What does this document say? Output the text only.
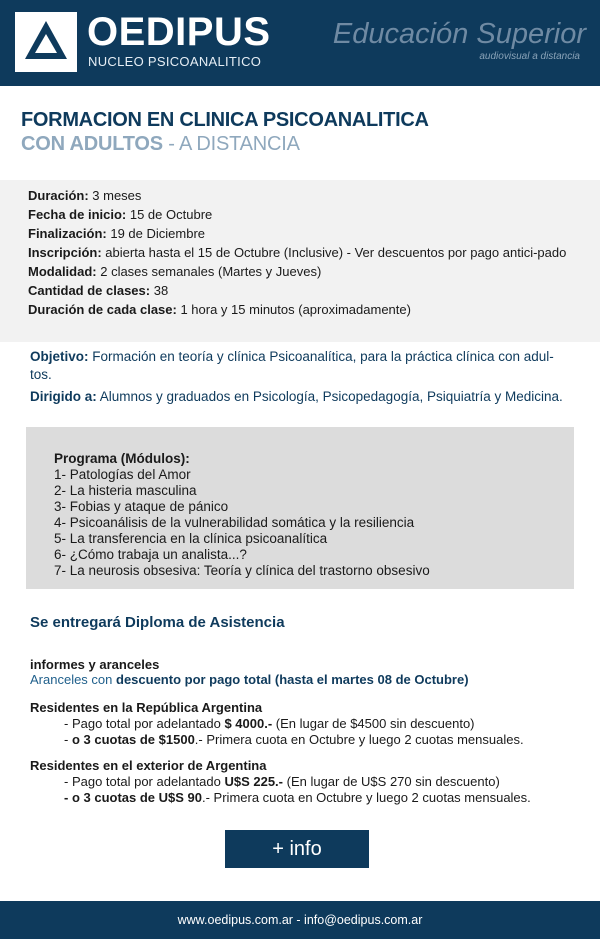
OEDIPUS
NUCLEO PSICOANALITICO
Educación Superior
audiovisual a distancia
FORMACION EN CLINICA PSICOANALITICA
CON ADULTOS - A DISTANCIA
Duración: 3 meses
Fecha de inicio: 15 de Octubre
Finalización: 19 de Diciembre
Inscripción: abierta hasta el 15 de Octubre (Inclusive) - Ver descuentos por pago antici-pado
Modalidad: 2 clases semanales (Martes y Jueves)
Cantidad de clases: 38
Duración de cada clase: 1 hora y 15 minutos (aproximadamente)
Objetivo: Formación en teoría y clínica Psicoanalítica, para la práctica clínica con adul-tos.
Dirigido a: Alumnos y graduados en Psicología, Psicopedagogía, Psiquiatría y Medicina.
Programa (Módulos):
1- Patologías del Amor
2- La histeria masculina
3- Fobias y ataque de pánico
4- Psicoanálisis de la vulnerabilidad somática y la resiliencia
5- La transferencia en la clínica psicoanalítica
6- ¿Cómo trabaja un analista...?
7- La neurosis obsesiva: Teoría y clínica del trastorno obsesivo
Se entregará Diploma de Asistencia
informes y aranceles
Aranceles con descuento por pago total (hasta el martes 08 de Octubre)
Residentes en la República Argentina
- Pago total por adelantado $ 4000.- (En lugar de $4500 sin descuento)
- o 3 cuotas de $1500.- Primera cuota en Octubre y luego 2 cuotas mensuales.
Residentes en el exterior de Argentina
- Pago total por adelantado U$S 225.- (En lugar de U$S 270 sin descuento)
- o 3 cuotas de U$S 90.- Primera cuota en Octubre y luego 2 cuotas mensuales.
+ info
www.oedipus.com.ar - info@oedipus.com.ar
